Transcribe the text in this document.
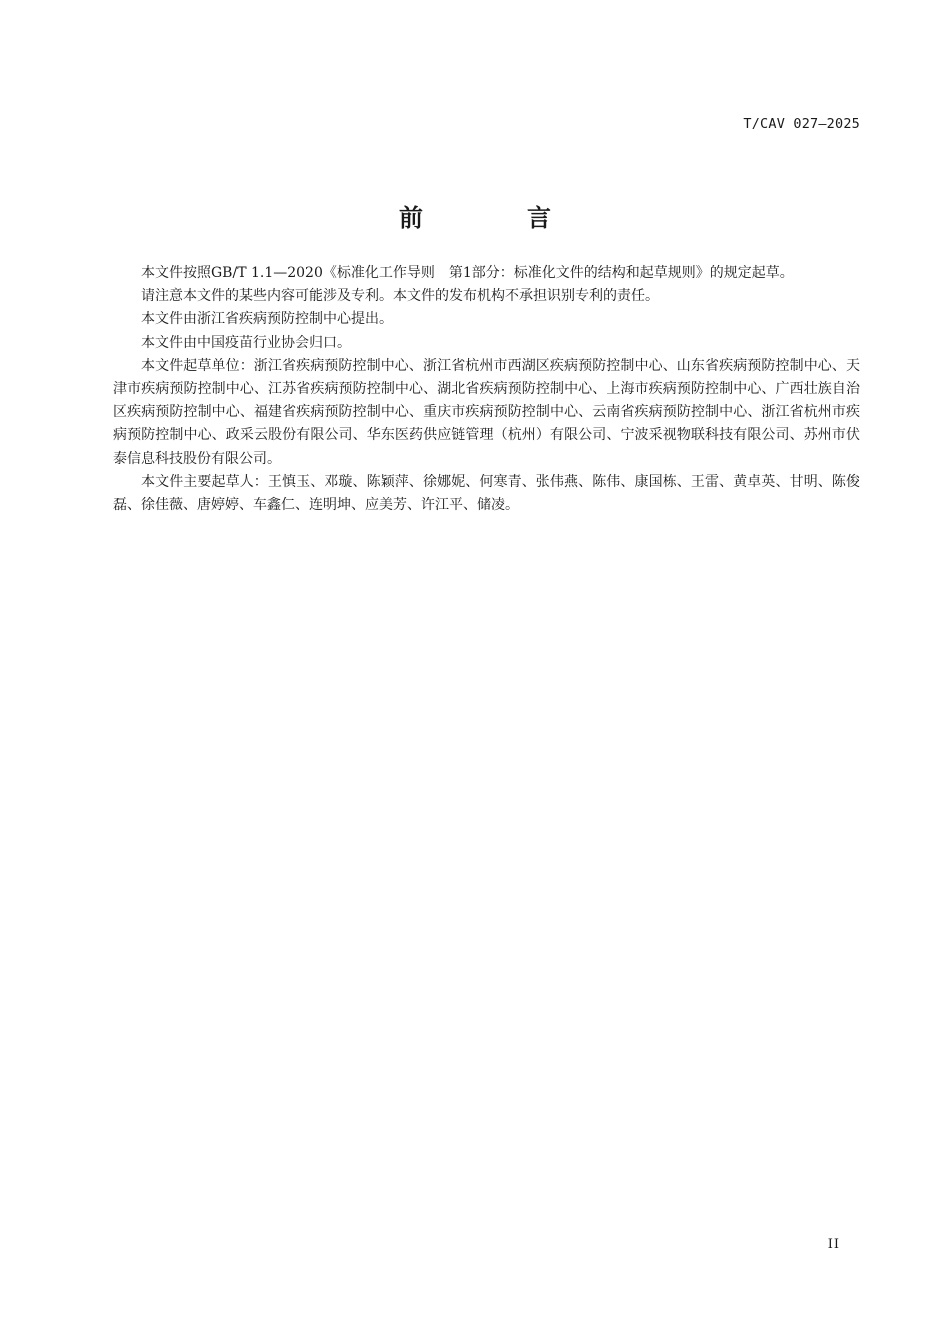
T/CAV 027—2025
前　言

本文件按照GB/T 1.1—2020《标准化工作导则　第1部分：标准化文件的结构和起草规则》的规定起草。

请注意本文件的某些内容可能涉及专利。本文件的发布机构不承担识别专利的责任。

本文件由浙江省疾病预防控制中心提出。

本文件由中国疫苗行业协会归口。

本文件起草单位：浙江省疾病预防控制中心、浙江省杭州市西湖区疾病预防控制中心、山东省疾病预防控制中心、天津市疾病预防控制中心、江苏省疾病预防控制中心、湖北省疾病预防控制中心、上海市疾病预防控制中心、广西壮族自治区疾病预防控制中心、福建省疾病预防控制中心、重庆市疾病预防控制中心、云南省疾病预防控制中心、浙江省杭州市疾病预防控制中心、政采云股份有限公司、华东医药供应链管理（杭州）有限公司、宁波采视物联科技有限公司、苏州市伏泰信息科技股份有限公司。

本文件主要起草人：王慎玉、邓璇、陈颖萍、徐娜妮、何寒青、张伟燕、陈伟、康国栋、王雷、黄卓英、甘明、陈俊磊、徐佳薇、唐婷婷、车鑫仁、连明坤、应美芳、许江平、储凌。

II
